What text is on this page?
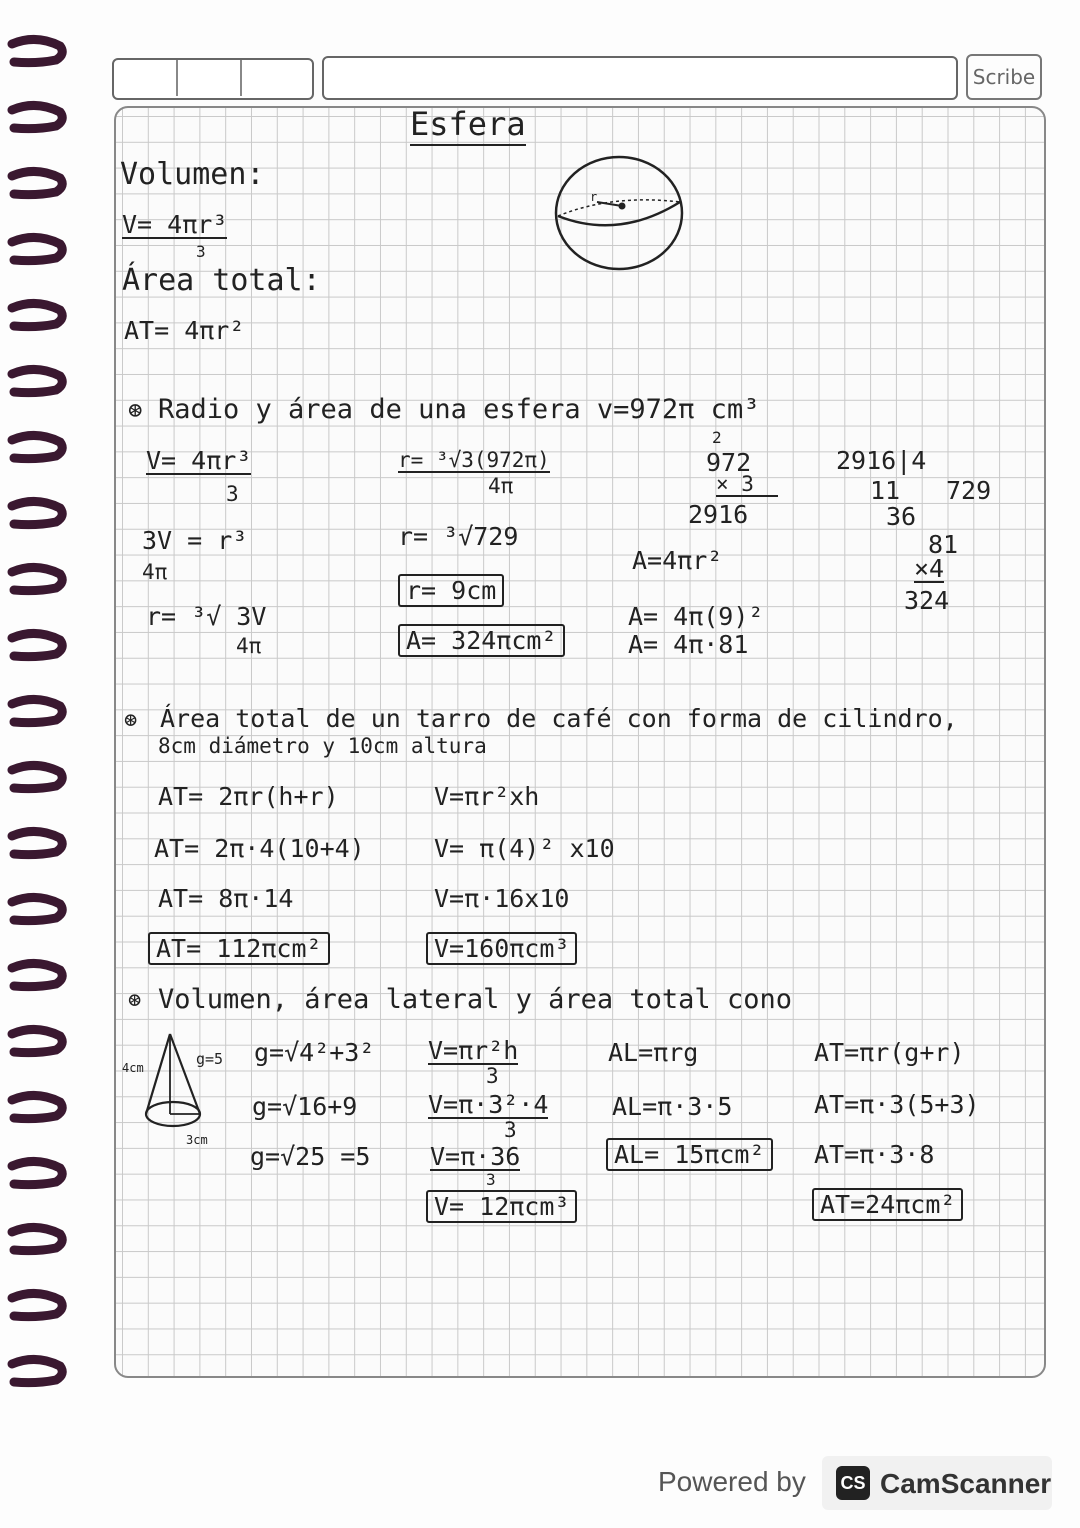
Scribe
Esfera
r
Volumen:
V= 4πr³
3
Área total:
AT= 4πr²
⊛ Radio y área de una esfera v=972π cm³
V= 4πr³
3
3V = r³
4π
r= ³√ 3V
4π
r= ³√3(972π)
4π
r= ³√729
r= 9cm
A= 324πcm²
A=4πr²
A= 4π(9)²
A= 4π·81
2
972
× 3
2916
2916|4
729
11
36
81
×4
324
⊛ Área total de un tarro de café con forma de cilindro,
8cm diámetro y 10cm altura
AT= 2πr(h+r)
AT= 2π·4(10+4)
AT= 8π·14
AT= 112πcm²
V=πr²xh
V= π(4)² x10
V=π·16x10
V=160πcm³
⊛ Volumen, área lateral y área total cono
4cm	g=5
3cm
g=√4²+3²
g=√16+9
g=√25 =5
V=πr²h
3
V=π·3²·4
3
V=π·36
3
V= 12πcm³
AL=πrg
AL=π·3·5
AL= 15πcm²
AT=πr(g+r)
AT=π·3(5+3)
AT=π·3·8
AT=24πcm²
Powered by CS CamScanner
